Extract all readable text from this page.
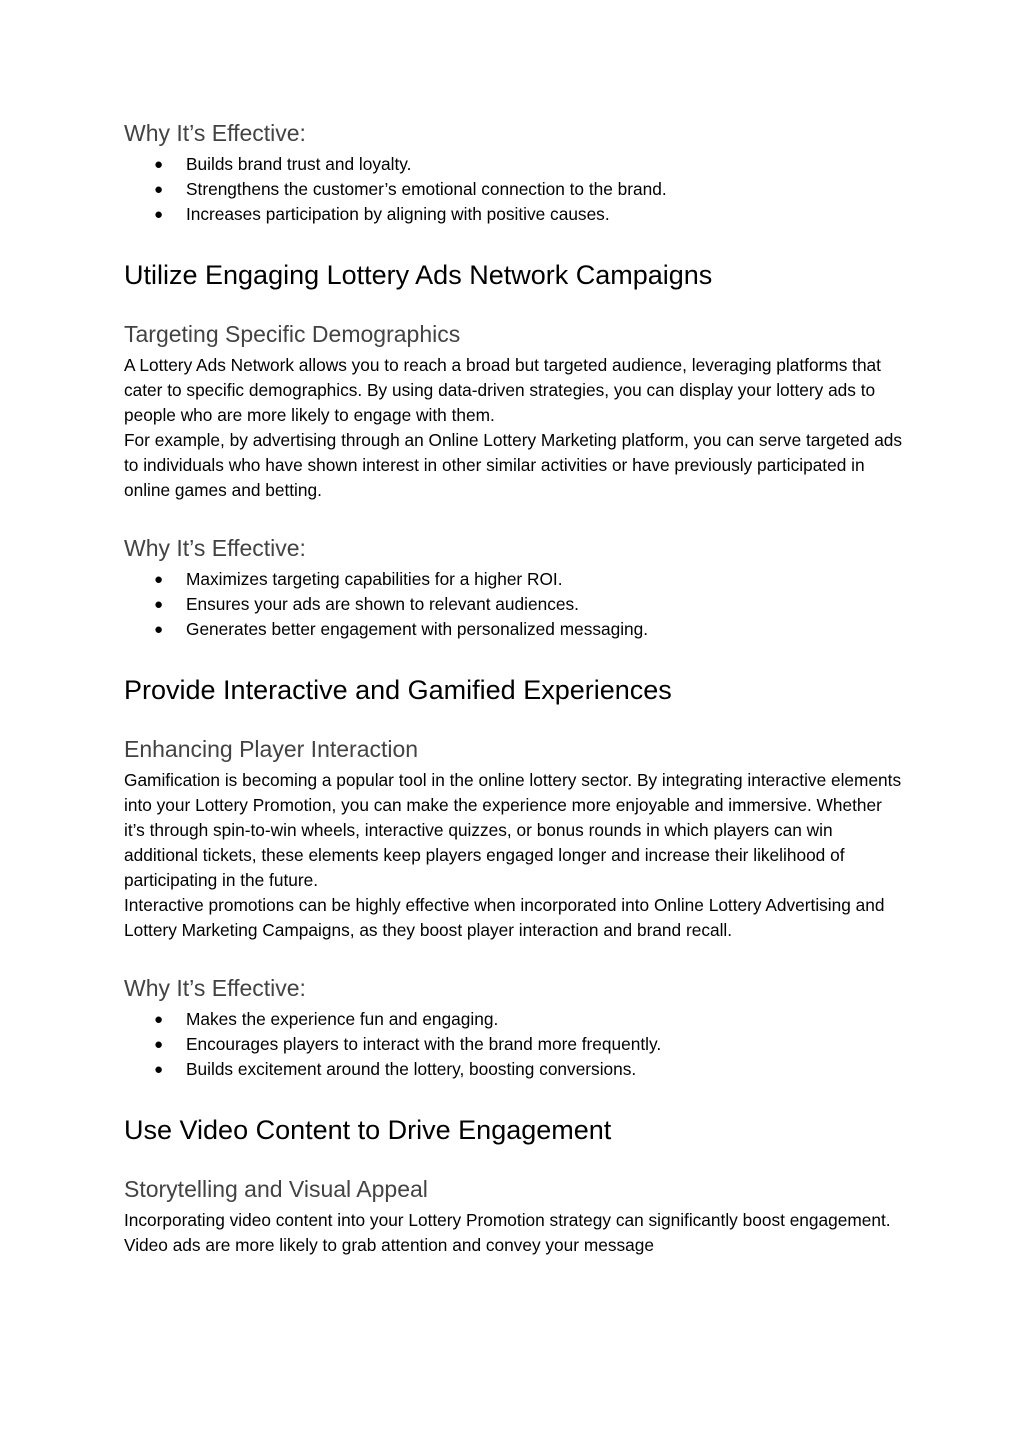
Why It’s Effective:
● Builds brand trust and loyalty.
● Strengthens the customer’s emotional connection to the brand.
● Increases participation by aligning with positive causes.
Utilize Engaging Lottery Ads Network Campaigns
Targeting Specific Demographics

A Lottery Ads Network allows you to reach a broad but targeted audience, leveraging platforms that cater to specific demographics. By using data-driven strategies, you can display your lottery ads to people who are more likely to engage with them.

For example, by advertising through an Online Lottery Marketing platform, you can serve targeted ads to individuals who have shown interest in other similar activities or have previously participated in online games and betting.

Why It’s Effective:
● Maximizes targeting capabilities for a higher ROI.
● Ensures your ads are shown to relevant audiences.
● Generates better engagement with personalized messaging.
Provide Interactive and Gamified Experiences
Enhancing Player Interaction

Gamification is becoming a popular tool in the online lottery sector. By integrating interactive elements into your Lottery Promotion, you can make the experience more enjoyable and immersive. Whether it’s through spin-to-win wheels, interactive quizzes, or bonus rounds in which players can win additional tickets, these elements keep players engaged longer and increase their likelihood of participating in the future.

Interactive promotions can be highly effective when incorporated into Online Lottery Advertising and Lottery Marketing Campaigns, as they boost player interaction and brand recall.

Why It’s Effective:
● Makes the experience fun and engaging.
● Encourages players to interact with the brand more frequently.
● Builds excitement around the lottery, boosting conversions.
Use Video Content to Drive Engagement
Storytelling and Visual Appeal

Incorporating video content into your Lottery Promotion strategy can significantly boost engagement. Video ads are more likely to grab attention and convey your message
